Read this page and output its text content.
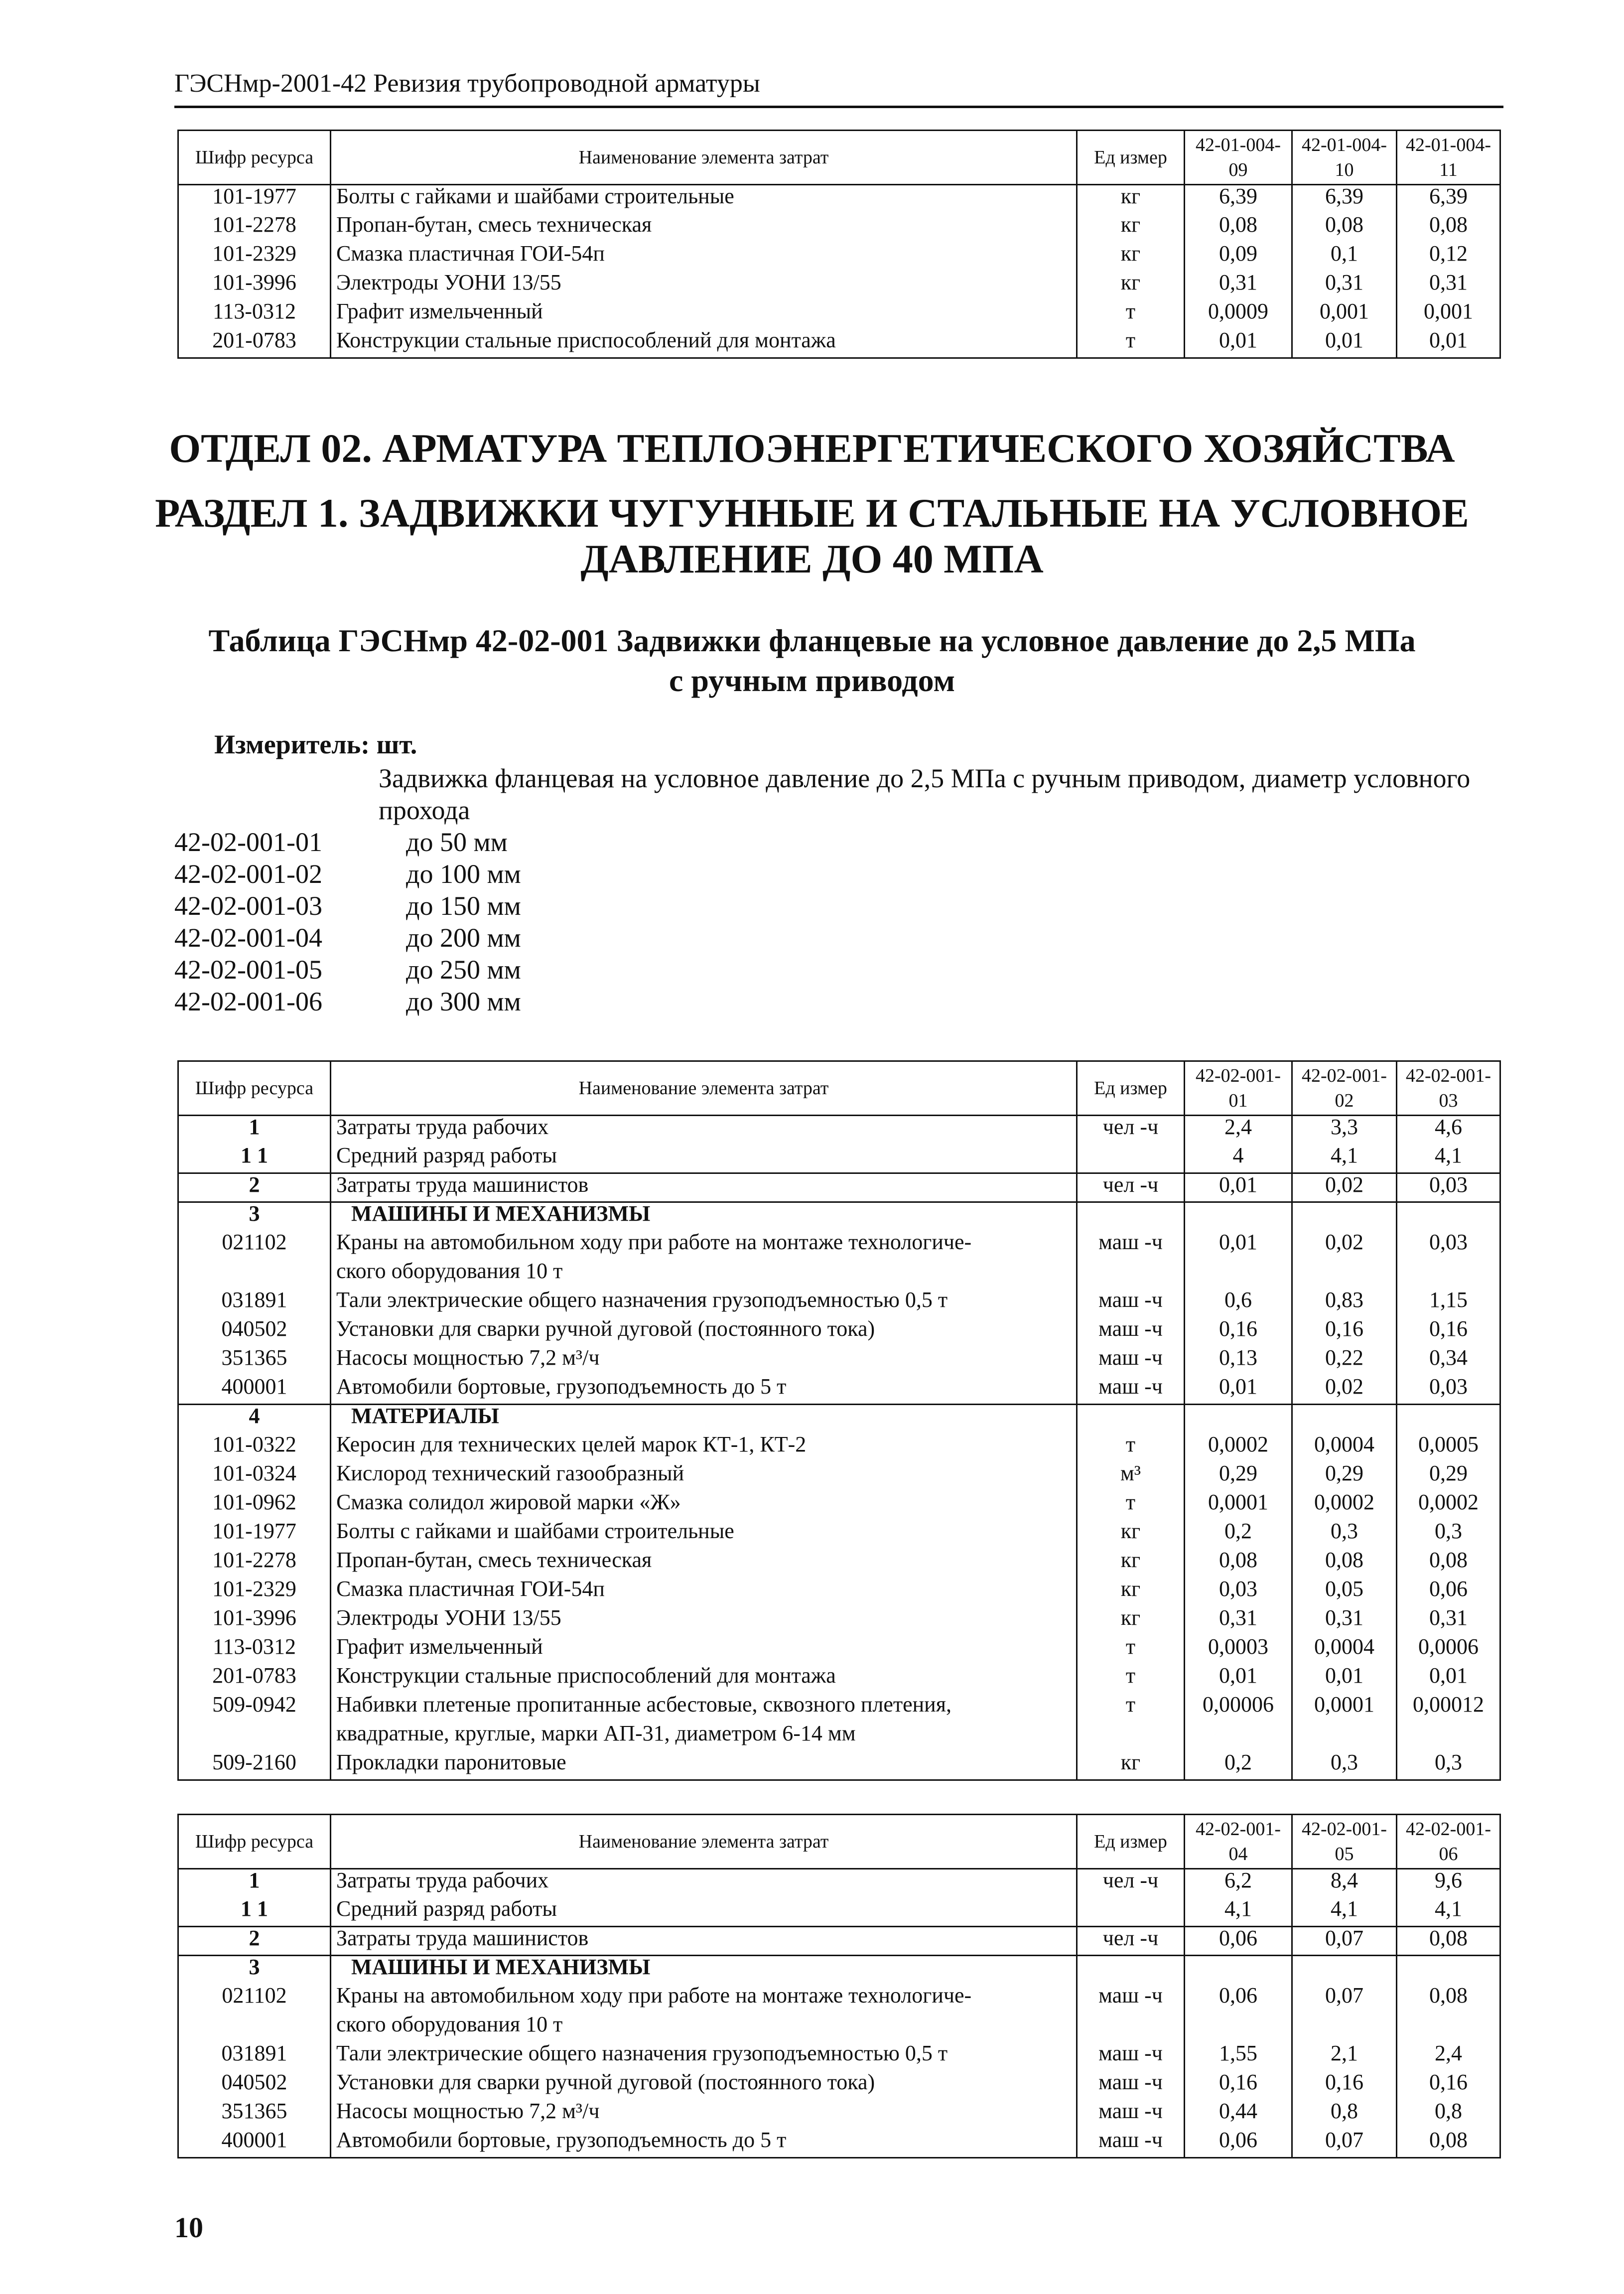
ГЭСНмр-2001-42 Ревизия трубопроводной арматуры
Шифр ресурса	Наименование элемента затрат	Ед измер	42-01-004-09	42-01-004-10	42-01-004-11
101-1977	Болты с гайками и шайбами строительные	кг	6,39	6,39	6,39
101-2278	Пропан-бутан, смесь техническая	кг	0,08	0,08	0,08
101-2329	Смазка пластичная ГОИ-54п	кг	0,09	0,1	0,12
101-3996	Электроды УОНИ 13/55	кг	0,31	0,31	0,31
113-0312	Графит измельченный	т	0,0009	0,001	0,001
201-0783	Конструкции стальные приспособлений для монтажа	т	0,01	0,01	0,01
ОТДЕЛ 02. АРМАТУРА ТЕПЛОЭНЕРГЕТИЧЕСКОГО ХОЗЯЙСТВА
РАЗДЕЛ 1. ЗАДВИЖКИ ЧУГУННЫЕ И СТАЛЬНЫЕ НА УСЛОВНОЕ
ДАВЛЕНИЕ ДО 40 МПА
Таблица ГЭСНмр 42-02-001 Задвижки фланцевые на условное давление до 2,5 МПа
с ручным приводом
Измеритель: шт.
Задвижка фланцевая на условное давление до 2,5 МПа с ручным приводом, диаметр условного прохода
42-02-001-01	до 50 мм
42-02-001-02	до 100 мм
42-02-001-03	до 150 мм
42-02-001-04	до 200 мм
42-02-001-05	до 250 мм
42-02-001-06	до 300 мм
Шифр ресурса	Наименование элемента затрат	Ед измер	42-02-001-01	42-02-001-02	42-02-001-03
1	Затраты труда рабочих	чел -ч	2,4	3,3	4,6
1 1	Средний разряд работы		4	4,1	4,1
2	Затраты труда машинистов	чел -ч	0,01	0,02	0,03
3	МАШИНЫ И МЕХАНИЗМЫ				
021102	Краны на автомобильном ходу при работе на монтаже технологиче-	маш -ч	0,01	0,02	0,03
	ского оборудования 10 т				
031891	Тали электрические общего назначения грузоподъемностью 0,5 т	маш -ч	0,6	0,83	1,15
040502	Установки для сварки ручной дуговой (постоянного тока)	маш -ч	0,16	0,16	0,16
351365	Насосы мощностью 7,2 м³/ч	маш -ч	0,13	0,22	0,34
400001	Автомобили бортовые, грузоподъемность до 5 т	маш -ч	0,01	0,02	0,03
4	МАТЕРИАЛЫ				
101-0322	Керосин для технических целей марок КТ-1, КТ-2	т	0,0002	0,0004	0,0005
101-0324	Кислород технический газообразный	м³	0,29	0,29	0,29
101-0962	Смазка солидол жировой марки «Ж»	т	0,0001	0,0002	0,0002
101-1977	Болты с гайками и шайбами строительные	кг	0,2	0,3	0,3
101-2278	Пропан-бутан, смесь техническая	кг	0,08	0,08	0,08
101-2329	Смазка пластичная ГОИ-54п	кг	0,03	0,05	0,06
101-3996	Электроды УОНИ 13/55	кг	0,31	0,31	0,31
113-0312	Графит измельченный	т	0,0003	0,0004	0,0006
201-0783	Конструкции стальные приспособлений для монтажа	т	0,01	0,01	0,01
509-0942	Набивки плетеные пропитанные асбестовые, сквозного плетения,	т	0,00006	0,0001	0,00012
	квадратные, круглые, марки АП-31, диаметром 6-14 мм				
509-2160	Прокладки паронитовые	кг	0,2	0,3	0,3
Шифр ресурса	Наименование элемента затрат	Ед измер	42-02-001-04	42-02-001-05	42-02-001-06
1	Затраты труда рабочих	чел -ч	6,2	8,4	9,6
1 1	Средний разряд работы		4,1	4,1	4,1
2	Затраты труда машинистов	чел -ч	0,06	0,07	0,08
3	МАШИНЫ И МЕХАНИЗМЫ				
021102	Краны на автомобильном ходу при работе на монтаже технологиче-	маш -ч	0,06	0,07	0,08
	ского оборудования 10 т				
031891	Тали электрические общего назначения грузоподъемностью 0,5 т	маш -ч	1,55	2,1	2,4
040502	Установки для сварки ручной дуговой (постоянного тока)	маш -ч	0,16	0,16	0,16
351365	Насосы мощностью 7,2 м³/ч	маш -ч	0,44	0,8	0,8
400001	Автомобили бортовые, грузоподъемность до 5 т	маш -ч	0,06	0,07	0,08
10
